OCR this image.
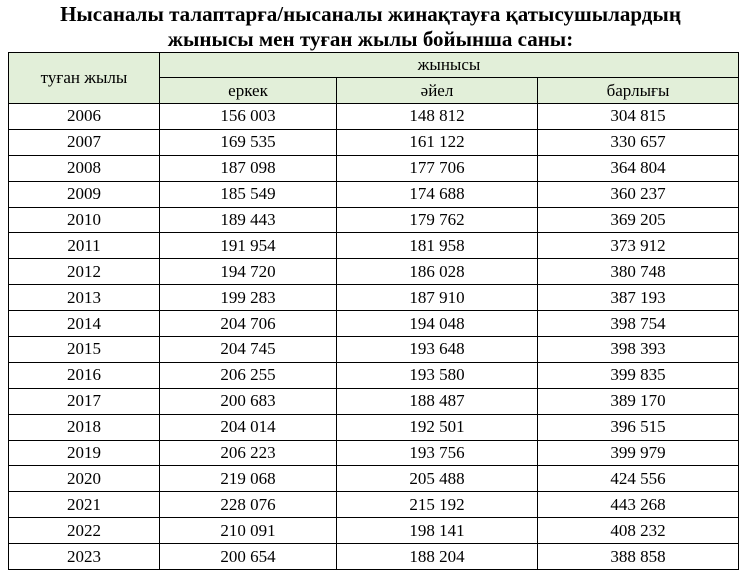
Нысаналы талаптарға/нысаналы жинақтауға қатысушылардың
жынысы мен туған жылы бойынша саны:
туған жылы	жынысы		
	еркек	әйел	барлығы
2006	156 003	148 812	304 815
2007	169 535	161 122	330 657
2008	187 098	177 706	364 804
2009	185 549	174 688	360 237
2010	189 443	179 762	369 205
2011	191 954	181 958	373 912
2012	194 720	186 028	380 748
2013	199 283	187 910	387 193
2014	204 706	194 048	398 754
2015	204 745	193 648	398 393
2016	206 255	193 580	399 835
2017	200 683	188 487	389 170
2018	204 014	192 501	396 515
2019	206 223	193 756	399 979
2020	219 068	205 488	424 556
2021	228 076	215 192	443 268
2022	210 091	198 141	408 232
2023	200 654	188 204	388 858
